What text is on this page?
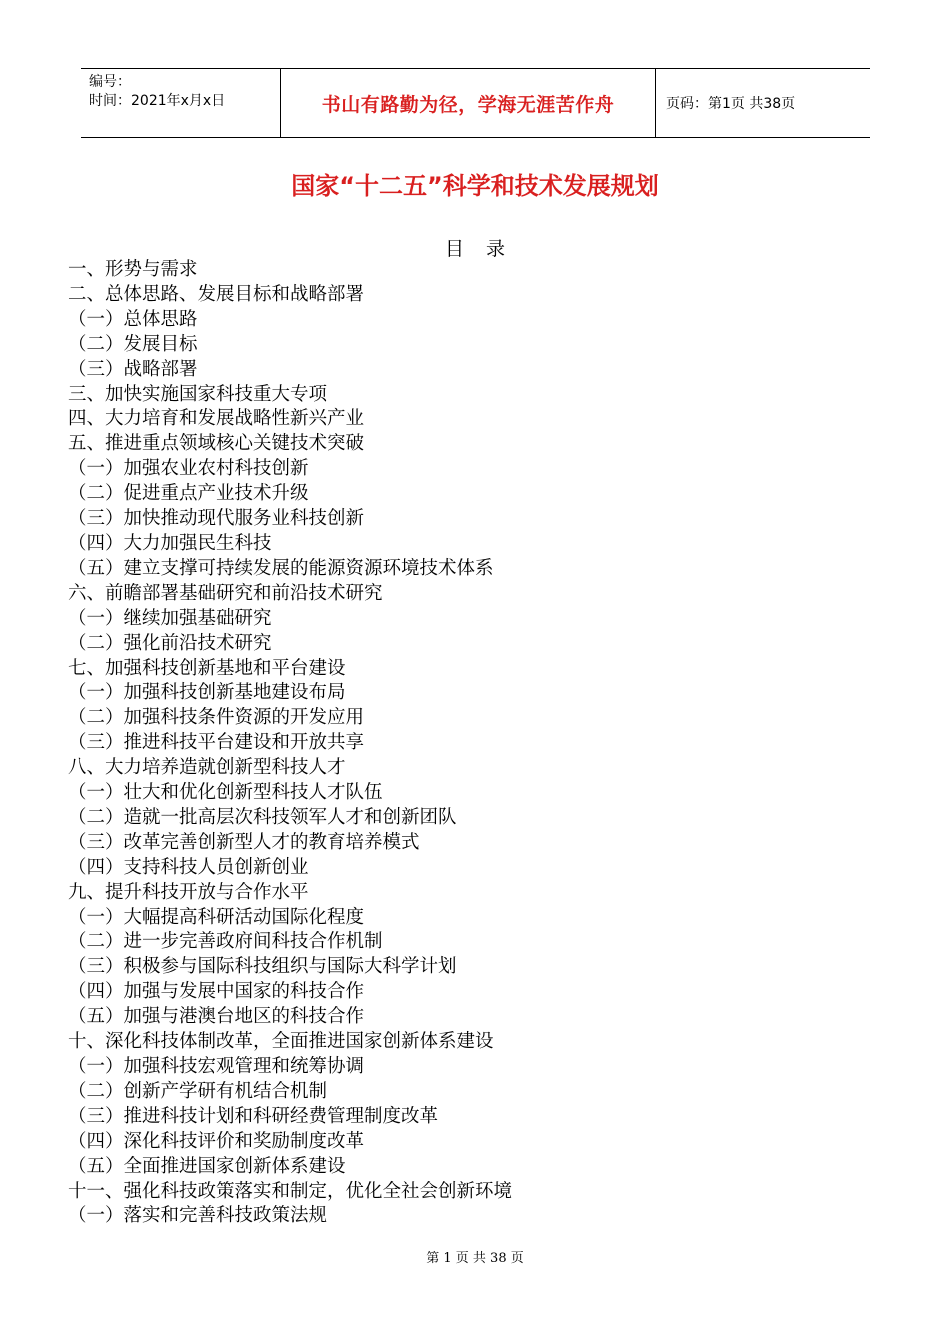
编号：
时间：2021年x月x日	书山有路勤为径，学海无涯苦作舟	页码：第1页 共38页
国家“十二五”科学和技术发展规划
目录
一、形势与需求
二、总体思路、发展目标和战略部署
（一）总体思路
（二）发展目标
（三）战略部署
三、加快实施国家科技重大专项
四、大力培育和发展战略性新兴产业
五、推进重点领域核心关键技术突破
（一）加强农业农村科技创新
（二）促进重点产业技术升级
（三）加快推动现代服务业科技创新
（四）大力加强民生科技
（五）建立支撑可持续发展的能源资源环境技术体系
六、前瞻部署基础研究和前沿技术研究
（一）继续加强基础研究
（二）强化前沿技术研究
七、加强科技创新基地和平台建设
（一）加强科技创新基地建设布局
（二）加强科技条件资源的开发应用
（三）推进科技平台建设和开放共享
八、大力培养造就创新型科技人才
（一）壮大和优化创新型科技人才队伍
（二）造就一批高层次科技领军人才和创新团队
（三）改革完善创新型人才的教育培养模式
（四）支持科技人员创新创业
九、提升科技开放与合作水平
（一）大幅提高科研活动国际化程度
（二）进一步完善政府间科技合作机制
（三）积极参与国际科技组织与国际大科学计划
（四）加强与发展中国家的科技合作
（五）加强与港澳台地区的科技合作
十、深化科技体制改革，全面推进国家创新体系建设
（一）加强科技宏观管理和统筹协调
（二）创新产学研有机结合机制
（三）推进科技计划和科研经费管理制度改革
（四）深化科技评价和奖励制度改革
（五）全面推进国家创新体系建设
十一、强化科技政策落实和制定，优化全社会创新环境
（一）落实和完善科技政策法规
第 1 页 共 38 页
